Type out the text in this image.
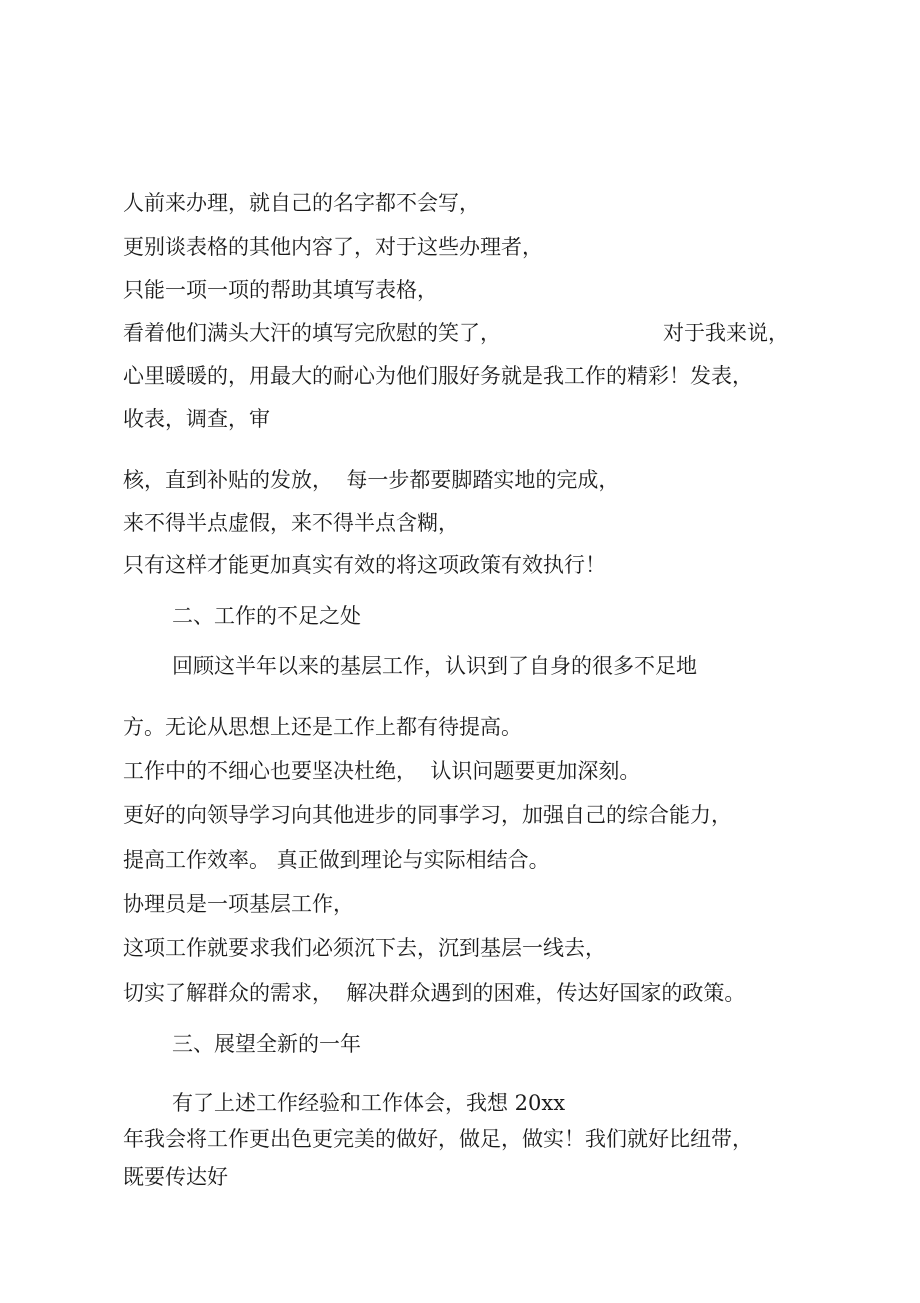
人前来办理，就自己的名字都不会写，
更别谈表格的其他内容了，对于这些办理者，
只能一项一项的帮助其填写表格，
看着他们满头大汗的填写完欣慰的笑了，	对于我来说，
心里暖暖的，用最大的耐心为他们服好务就是我工作的精彩！发表，
收表，调查，审
核，直到补贴的发放，  每一步都要脚踏实地的完成，
来不得半点虚假，来不得半点含糊，
只有这样才能更加真实有效的将这项政策有效执行！
二、工作的不足之处
回顾这半年以来的基层工作，认识到了自身的很多不足地
方。无论从思想上还是工作上都有待提高。
工作中的不细心也要坚决杜绝，  认识问题要更加深刻。
更好的向领导学习向其他进步的同事学习，加强自己的综合能力，
提高工作效率。 真正做到理论与实际相结合。
协理员是一项基层工作，
这项工作就要求我们必须沉下去，沉到基层一线去，
切实了解群众的需求，  解决群众遇到的困难，传达好国家的政策。
三、展望全新的一年
有了上述工作经验和工作体会，我想 20xx
年我会将工作更出色更完美的做好，做足，做实！我们就好比纽带，
既要传达好
